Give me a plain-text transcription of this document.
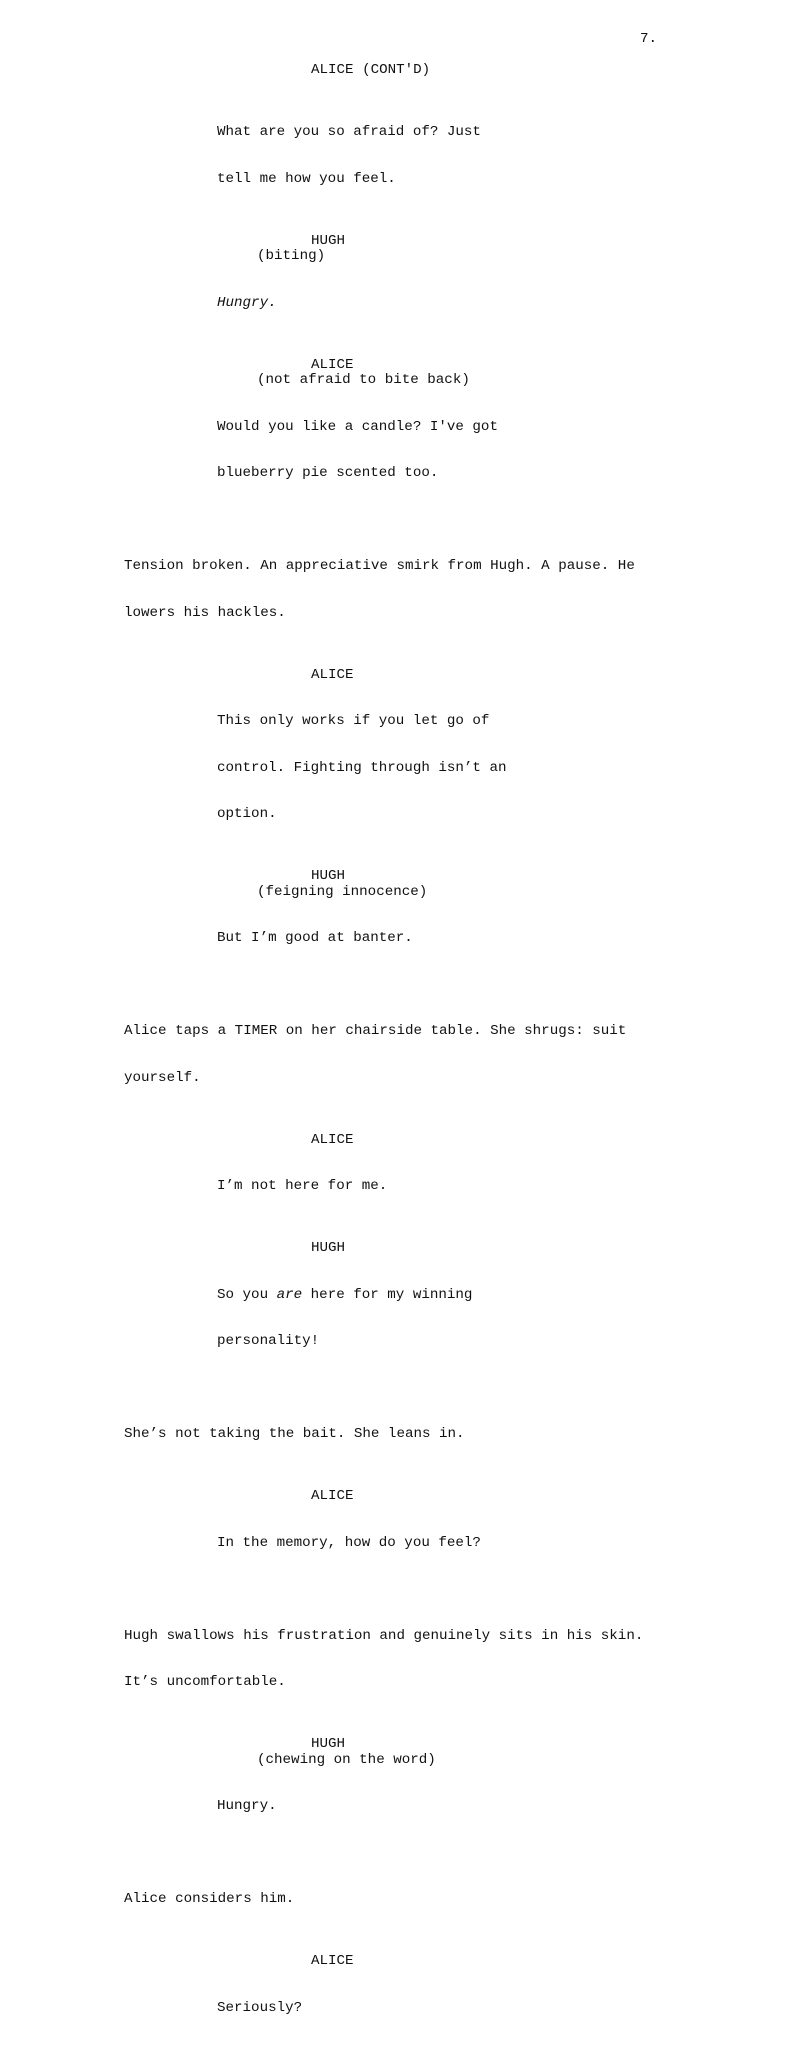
7.
ALICE (CONT'D)

What are you so afraid of? Just

tell me how you feel.

HUGH
(biting)

Hungry.

ALICE
(not afraid to bite back)

Would you like a candle? I've got

blueberry pie scented too.

Tension broken. An appreciative smirk from Hugh. A pause. He

lowers his hackles.

ALICE

This only works if you let go of

control. Fighting through isn’t an

option.

HUGH
(feigning innocence)

But I’m good at banter.

Alice taps a TIMER on her chairside table. She shrugs: suit

yourself.

ALICE

I’m not here for me.

HUGH

So you are here for my winning

personality!

She’s not taking the bait. She leans in.

ALICE

In the memory, how do you feel?

Hugh swallows his frustration and genuinely sits in his skin.

It’s uncomfortable.

HUGH
(chewing on the word)

Hungry.

Alice considers him.

ALICE

Seriously?
